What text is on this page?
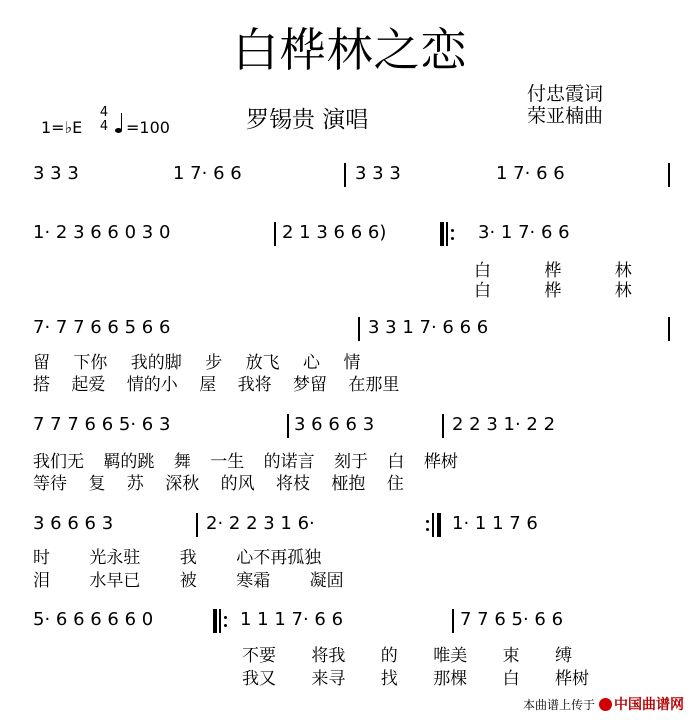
白桦林之恋
罗锡贵 演唱
付忠霞词
荣亚楠曲
1=♭E
4
4	=100
3 3 3	1 7· 6 6	3 3 3	1 7· 6 6
1· 2 3 6 6 0 3 0	2 1 3 6 6 6)	3· 1 7· 6 6
白 桦 林
白 桦 林
7· 7 7 6 6 5 6 6	3 3 1 7· 6 6 6
留 下你 我的脚 步 放飞 心 情
搭 起爱 情的小 屋 我将 梦留 在那里
7 7 7 6 6 5· 6 3	3 6 6 6 3	2 2 3 1· 2 2
我们无 羁的跳 舞 一生 的诺言 刻于 白 桦树
等待 复 苏 深秋 的风 将枝 桠抱 住
3 6 6 6 3	2· 2 2 3 1 6·	1· 1 1 7 6
时 光永驻 我 心不再孤独
泪 水早已 被 寒霜 凝固
5· 6 6 6 6 6 0	1 1 1 7· 6 6	7 7 6 5· 6 6
不要 将我 的 唯美 束 缚
我又 来寻 找 那棵 白 桦树
本曲谱上传于 中国曲谱网
